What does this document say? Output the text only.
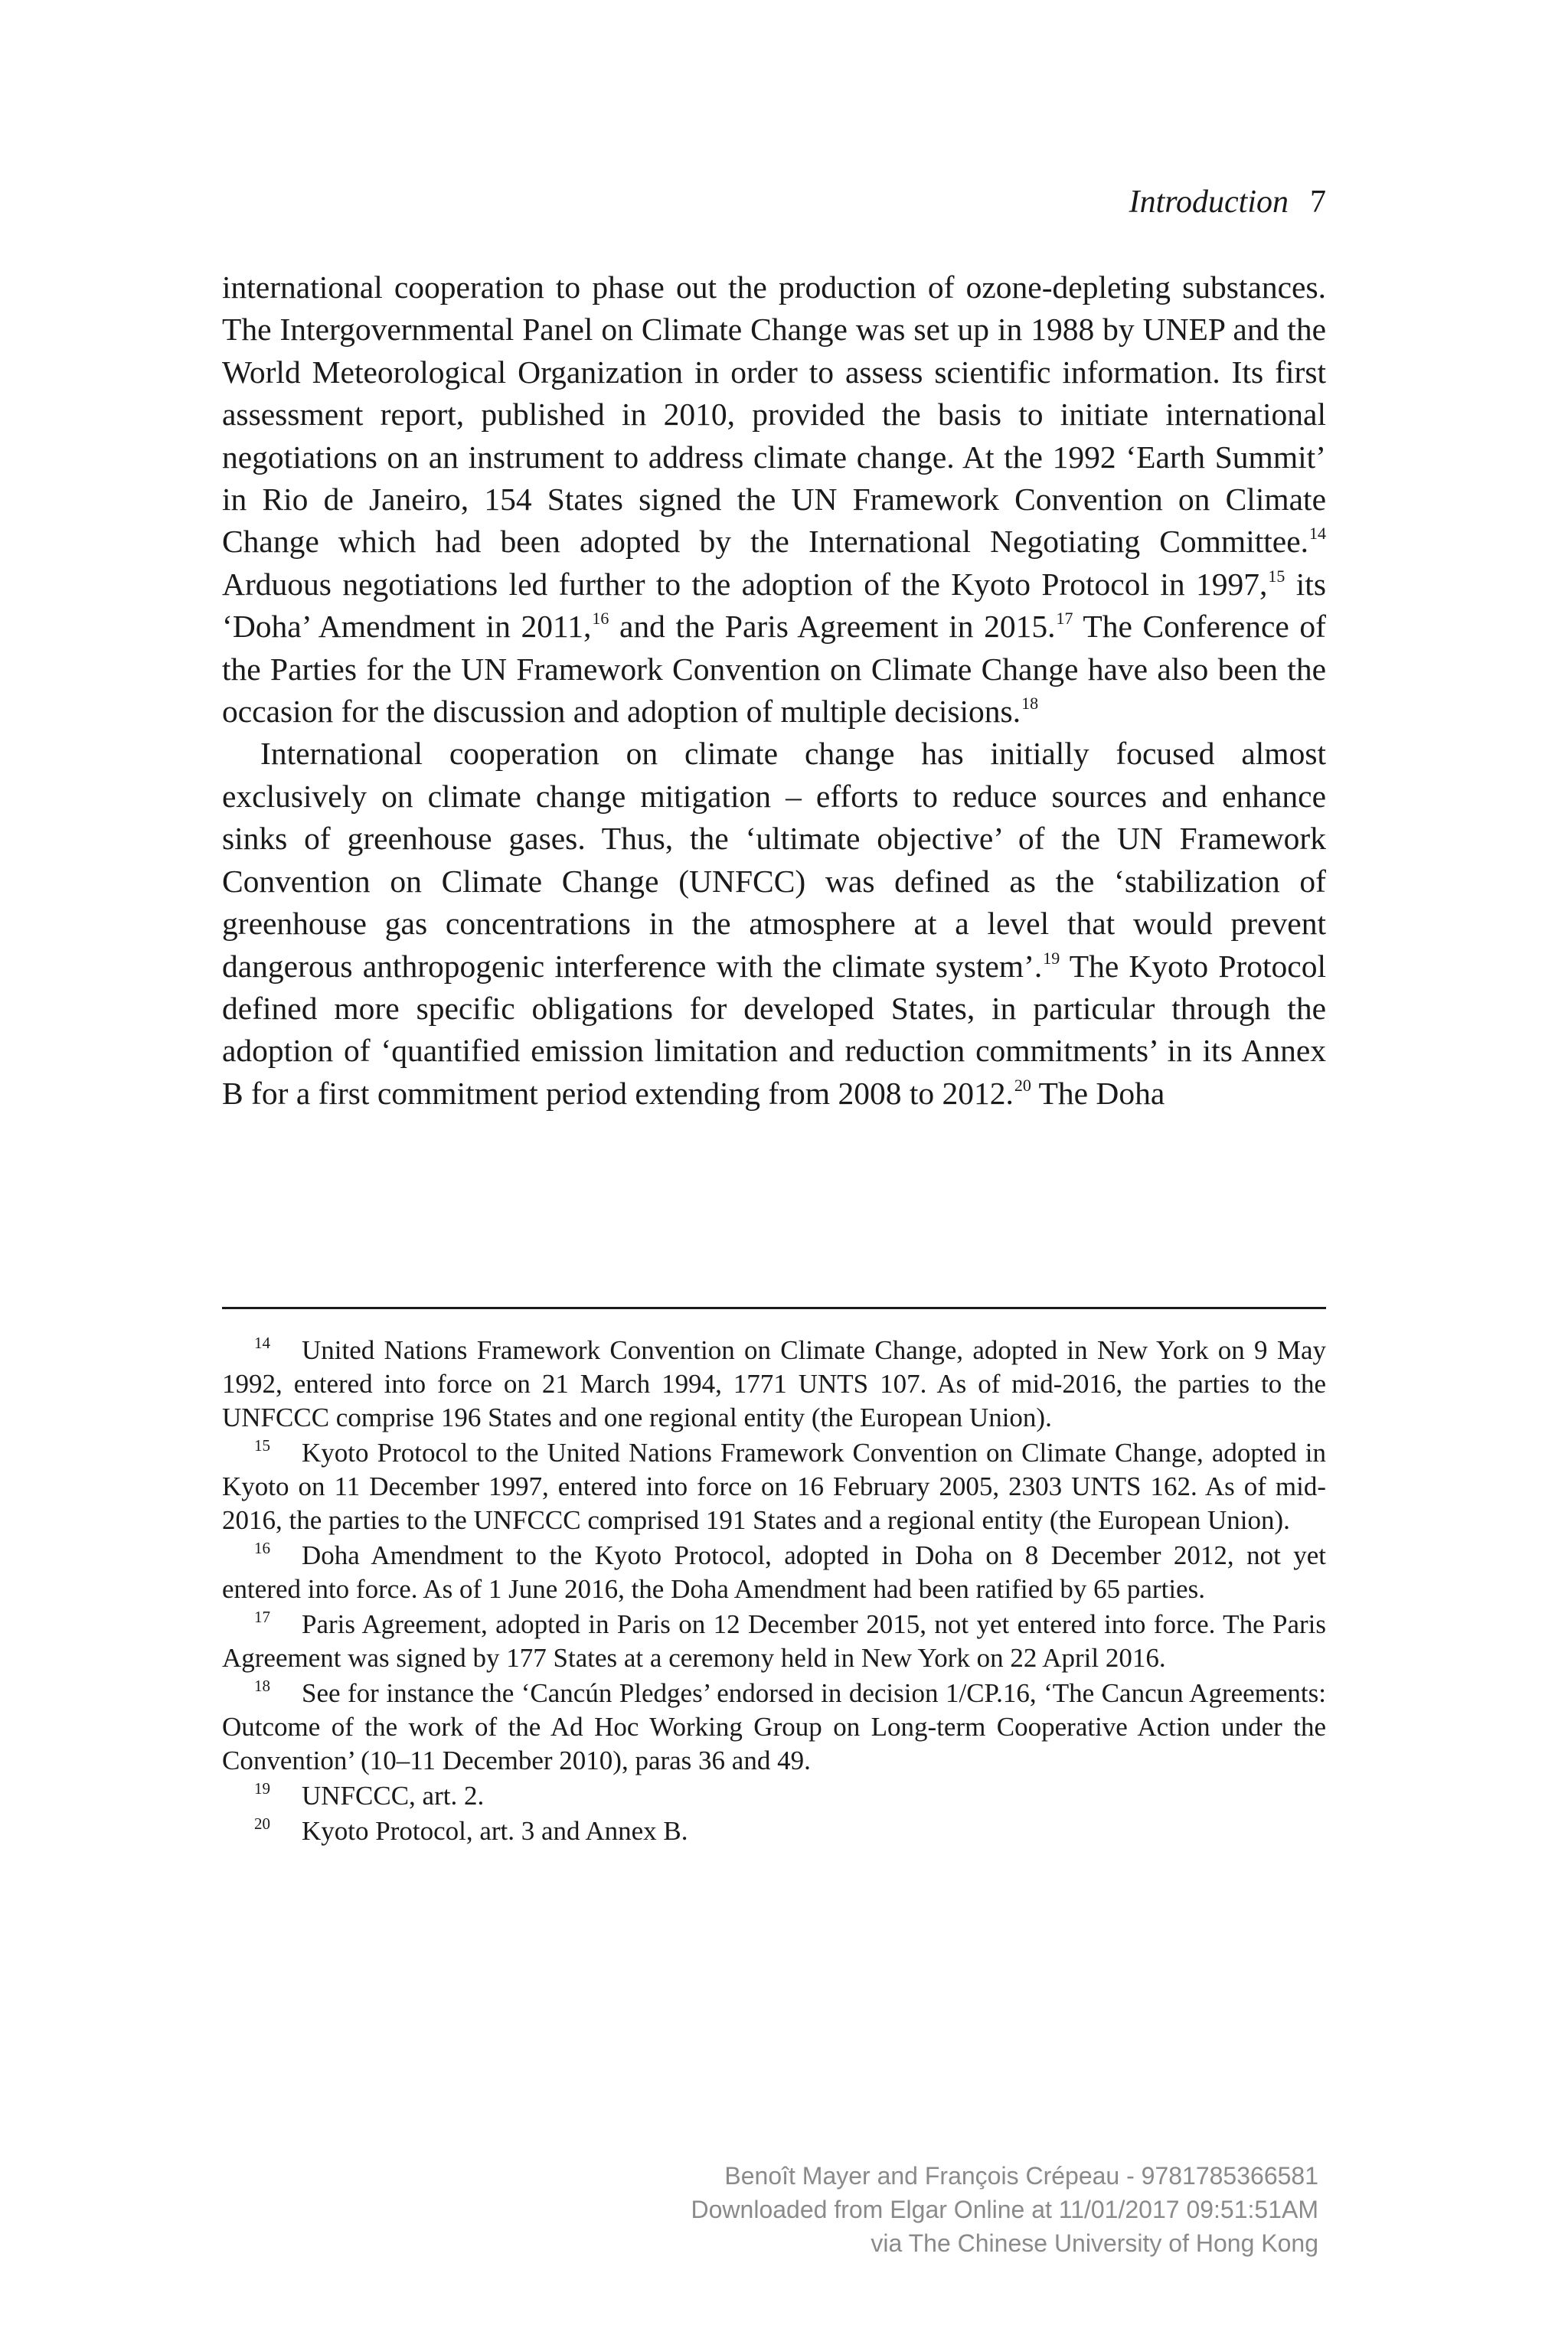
Introduction 7

international cooperation to phase out the production of ozone-depleting substances. The Intergovernmental Panel on Climate Change was set up in 1988 by UNEP and the World Meteorological Organization in order to assess scientific information. Its first assessment report, published in 2010, provided the basis to initiate international negotiations on an instrument to address climate change. At the 1992 ‘Earth Summit’ in Rio de Janeiro, 154 States signed the UN Framework Convention on Climate Change which had been adopted by the International Negotiating Committee.$^{14}$ Arduous negotiations led further to the adoption of the Kyoto Protocol in 1997,15 its ‘Doha’ Amendment in 2011,16 and the Paris Agreement in 2015.17 The Conference of the Parties for the UN Framework Convention on Climate Change have also been the occasion for the discussion and adoption of multiple decisions.$^{18}$

International cooperation on climate change has initially focused almost exclusively on climate change mitigation – efforts to reduce sources and enhance sinks of greenhouse gases. Thus, the ‘ultimate objective’ of the UN Framework Convention on Climate Change (UNFCC) was defined as the ‘stabilization of greenhouse gas concentrations in the atmosphere at a level that would prevent dangerous anthropogenic interference with the climate system’.$^{19}$ The Kyoto Protocol defined more specific obligations for developed States, in particular through the adoption of ‘quantified emission limitation and reduction commitments’ in its Annex B for a first commitment period extending from 2008 to 2012.20 The Doha

14 United Nations Framework Convention on Climate Change, adopted in New York on 9 May 1992, entered into force on 21 March 1994, 1771 UNTS 107. As of mid-2016, the parties to the UNFCCC comprise 196 States and one regional entity (the European Union).

15 Kyoto Protocol to the United Nations Framework Convention on Climate Change, adopted in Kyoto on 11 December 1997, entered into force on 16 February 2005, 2303 UNTS 162. As of mid-2016, the parties to the UNFCCC comprised 191 States and a regional entity (the European Union).

16 Doha Amendment to the Kyoto Protocol, adopted in Doha on 8 December 2012, not yet entered into force. As of 1 June 2016, the Doha Amendment had been ratified by 65 parties.

17 Paris Agreement, adopted in Paris on 12 December 2015, not yet entered into force. The Paris Agreement was signed by 177 States at a ceremony held in New York on 22 April 2016.

18 See for instance the ‘Cancún Pledges’ endorsed in decision 1/CP.16, ‘The Cancun Agreements: Outcome of the work of the Ad Hoc Working Group on Long-term Cooperative Action under the Convention’ (10–11 December 2010), paras 36 and 49.

19 UNFCCC, art. 2.

20 Kyoto Protocol, art. 3 and Annex B.

Benoît Mayer and François Crépeau - 9781785366581
Downloaded from Elgar Online at 11/01/2017 09:51:51AM
via The Chinese University of Hong Kong
